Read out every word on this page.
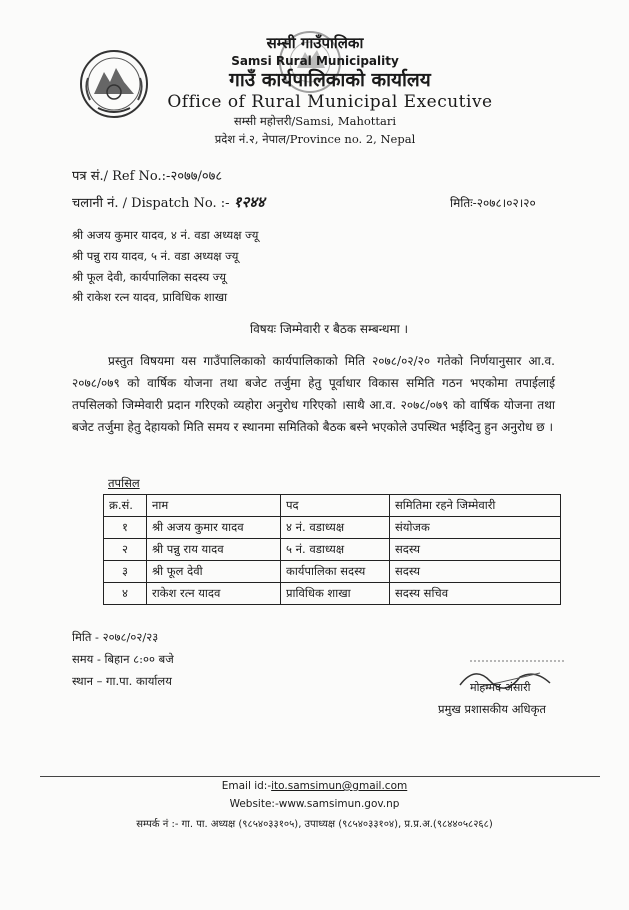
सम्सी गाउँपालिका
Samsi Rural Municipality
गाउँ कार्यपालिकाको कार्यालय
Office of Rural Municipal Executive
सम्सी महोत्तरी/Samsi, Mahottari
प्रदेश नं.२, नेपाल/Province no. 2, Nepal
पत्र सं./ Ref No.:-२०७७/०७८
चलानी नं. / Dispatch No. :- १२४४	मितिः-२०७८।०२।२०
श्री अजय कुमार यादव, ४ नं. वडा अध्यक्ष ज्यू
श्री पन्नु राय यादव, ५ नं. वडा अध्यक्ष ज्यू
श्री फूल देवी, कार्यपालिका सदस्य ज्यू
श्री राकेश रत्न यादव, प्राविधिक शाखा
विषयः जिम्मेवारी र बैठक सम्बन्धमा ।
प्रस्तुत विषयमा यस गाउँपालिकाको कार्यपालिकाको मिति २०७८/०२/२० गतेको निर्णयानुसार आ.व. २०७८/०७९ को वार्षिक योजना तथा बजेट तर्जुमा हेतु पूर्वाधार विकास समिति गठन भएकोमा तपाईलाई तपसिलको जिम्मेवारी प्रदान गरिएको व्यहोरा अनुरोध गरिएको ।साथै आ.व. २०७८/०७९ को वार्षिक योजना तथा बजेट तर्जुमा हेतु देहायको मिति समय र स्थानमा समितिको बैठक बस्ने भएकोले उपस्थित भईदिनु हुन अनुरोध छ ।
तपसिल
क्र.सं.	नाम	पद	समितिमा रहने जिम्मेवारी
१	श्री अजय कुमार यादव	४ नं. वडाध्यक्ष	संयोजक
२	श्री पन्नु राय यादव	५ नं. वडाध्यक्ष	सदस्य
३	श्री फूल देवी	कार्यपालिका सदस्य	सदस्य
४	राकेश रत्न यादव	प्राविधिक शाखा	सदस्य सचिव
मिति - २०७८/०२/२३
समय - बिहान ८:०० बजे
स्थान – गा.पा. कार्यालय	मोहम्मद अंसारी
प्रमुख प्रशासकीय अधिकृत
Email id:-ito.samsimun@gmail.com
Website:-www.samsimun.gov.np
सम्पर्क नं :- गा. पा. अध्यक्ष (९८५४०३३१०५), उपाध्यक्ष (९८५४०३३१०४), प्र.प्र.अ.(९८४४०५८२६८)
